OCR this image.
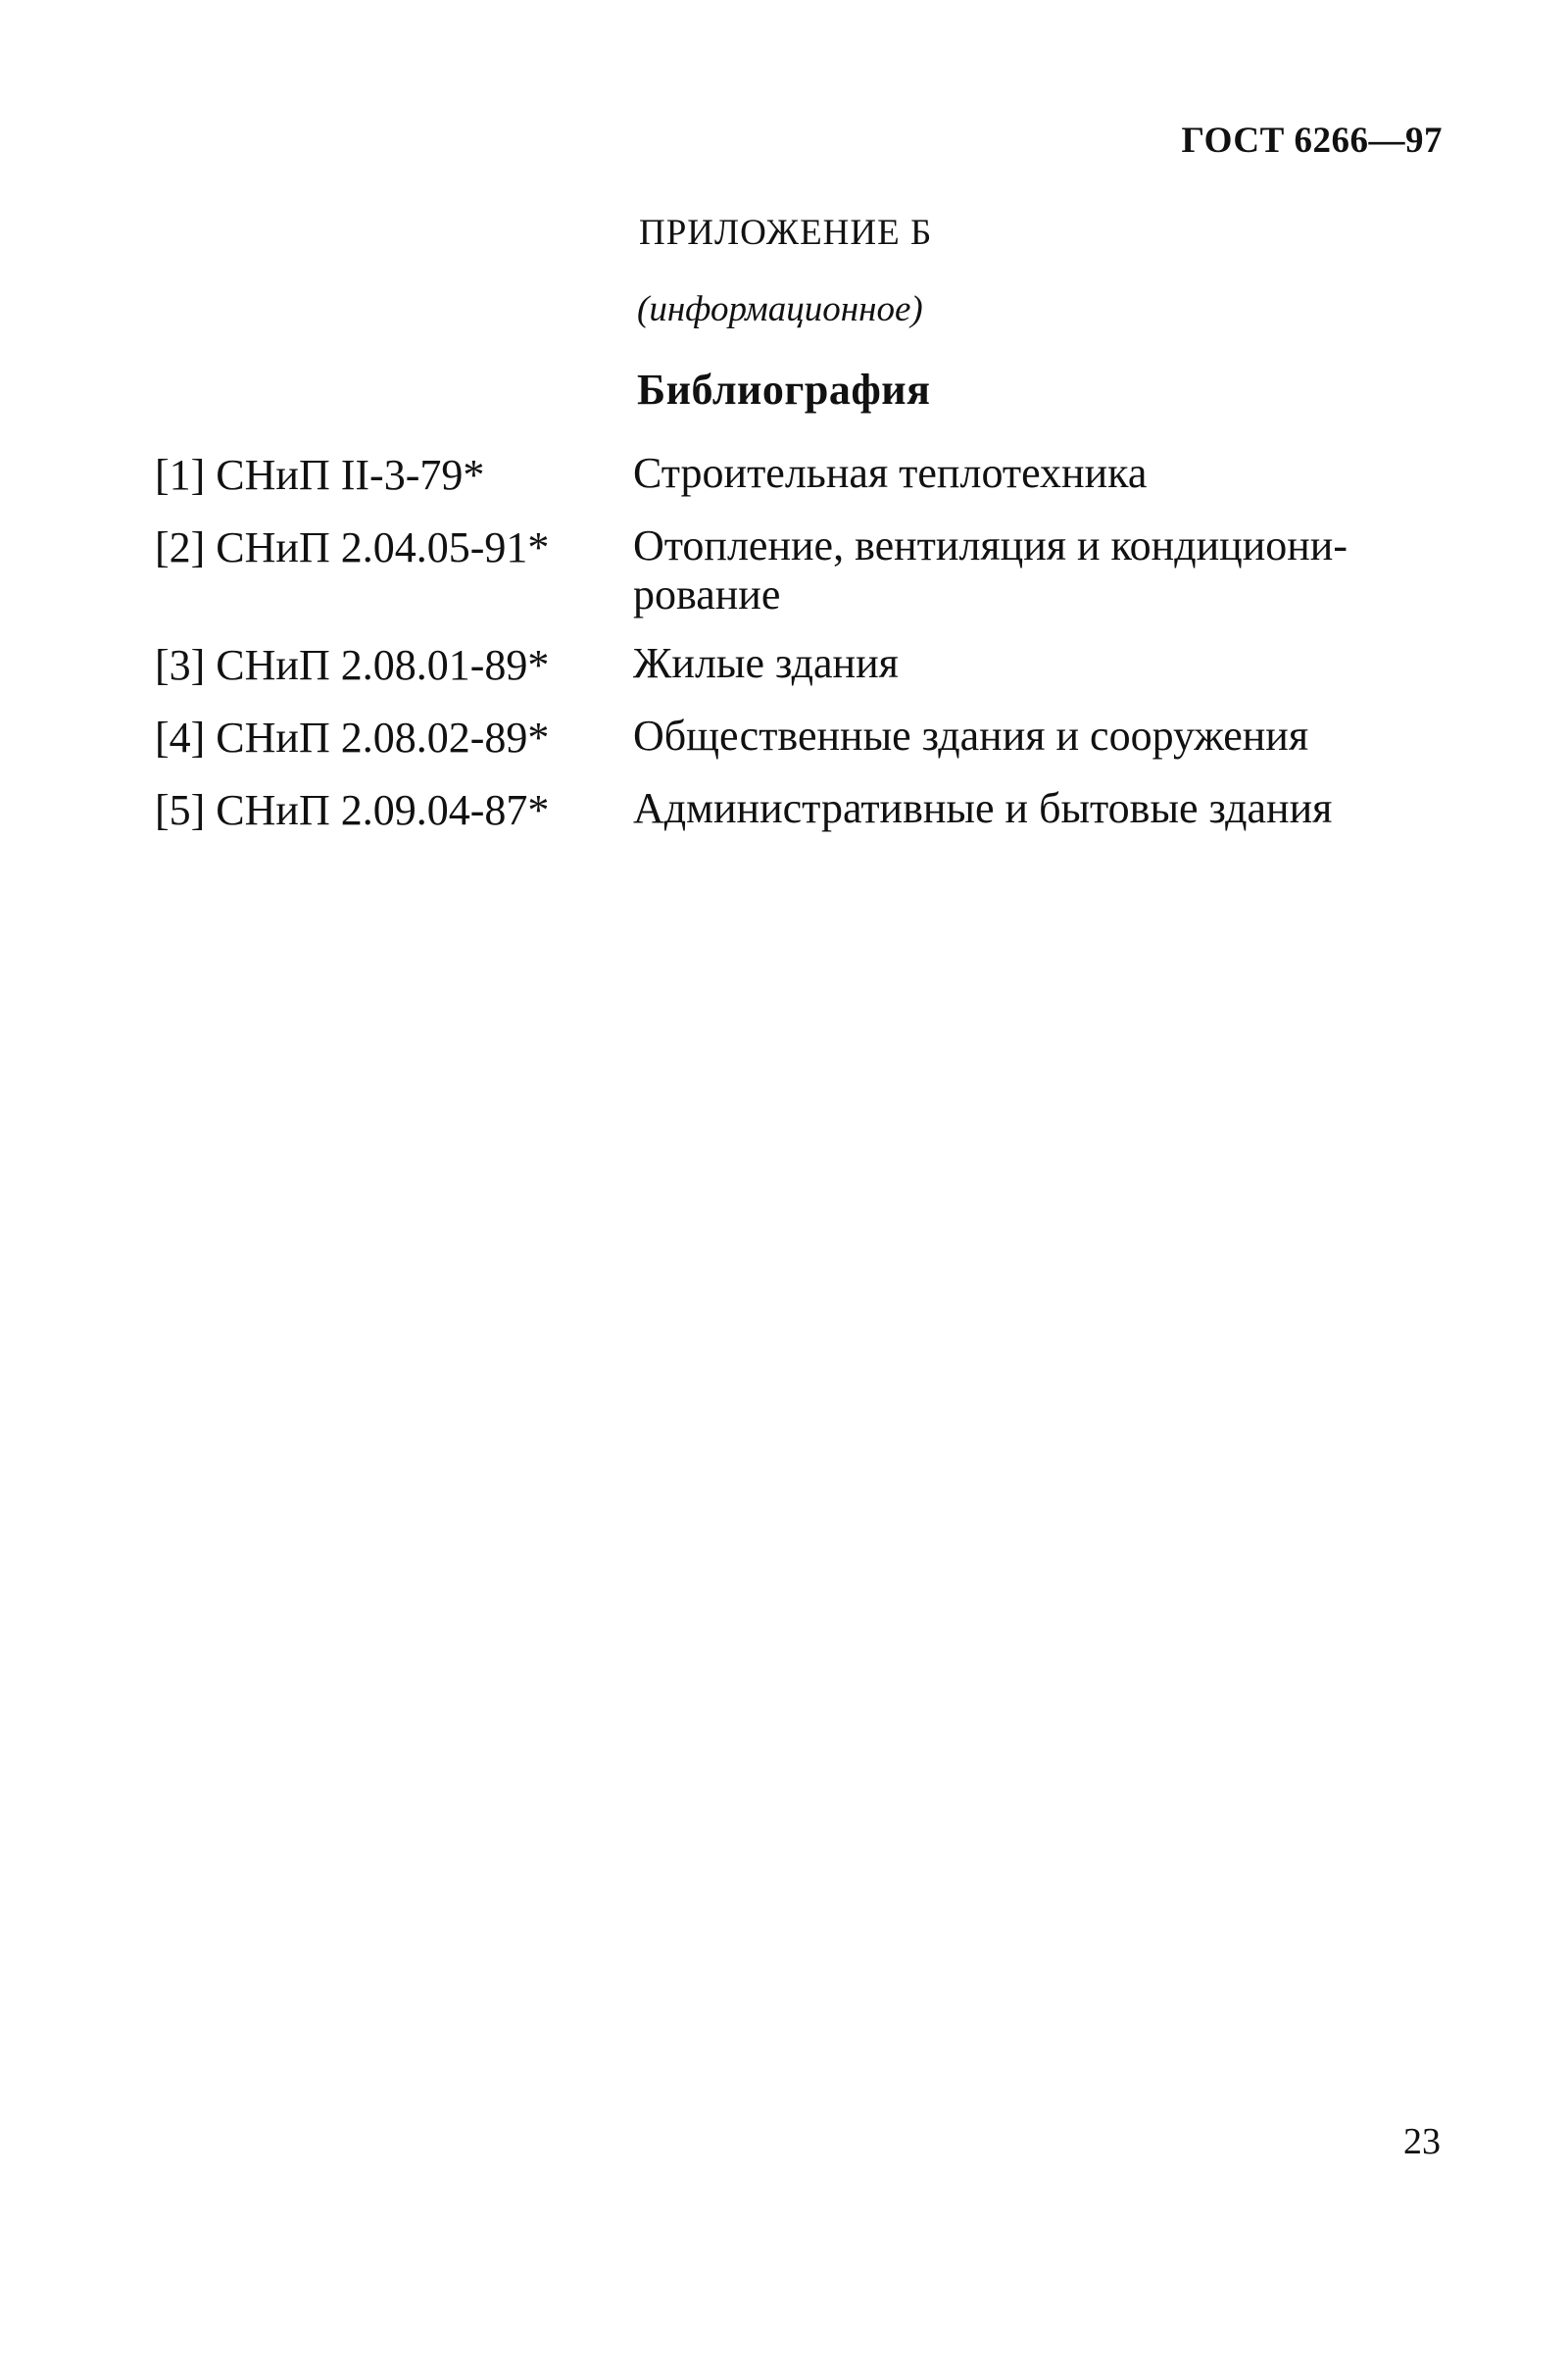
ГОСТ 6266—97
ПРИЛОЖЕНИЕ Б
(информационное)
Библиография
[1] СНиП II-3-79*	Строительная теплотехника
[2] СНиП 2.04.05-91*	Отопление, вентиляция и кондициони-рование
[3] СНиП 2.08.01-89*	Жилые здания
[4] СНиП 2.08.02-89*	Общественные здания и сооружения
[5] СНиП 2.09.04-87*	Административные и бытовые здания
23
